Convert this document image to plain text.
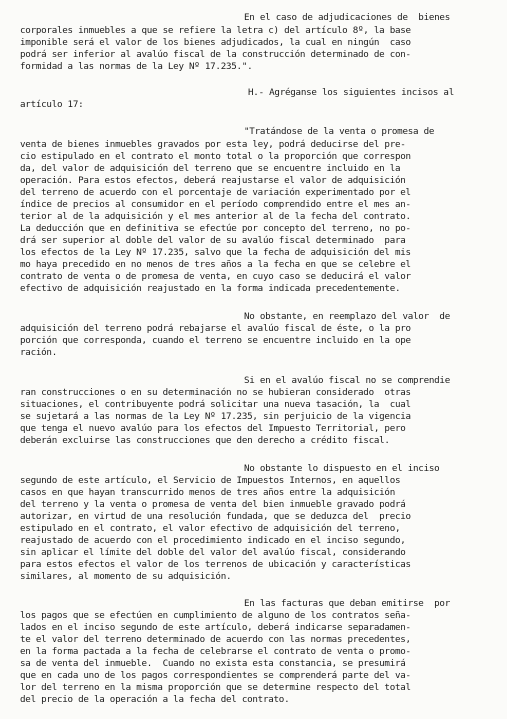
En el caso de adjudicaciones de  bienes
corporales inmuebles a que se refiere la letra c) del artículo 8º, la base
imponible será el valor de los bienes adjudicados, la cual en ningún  caso
podrá ser inferior al avalúo fiscal de la construcción determinado de con-
formidad a las normas de la Ley Nº 17.235.".
H.- Agréganse los siguientes incisos al
artículo 17:
"Tratándose de la venta o promesa de
venta de bienes inmuebles gravados por esta ley, podrá deducirse del pre-
cio estipulado en el contrato el monto total o la proporción que correspon
da, del valor de adquisición del terreno que se encuentre incluido en la
operación. Para estos efectos, deberá reajustarse el valor de adquisición
del terreno de acuerdo con el porcentaje de variación experimentado por el
índice de precios al consumidor en el período comprendido entre el mes an-
terior al de la adquisición y el mes anterior al de la fecha del contrato.
La deducción que en definitiva se efectúe por concepto del terreno, no po-
drá ser superior al doble del valor de su avalúo fiscal determinado  para
los efectos de la Ley Nº 17.235, salvo que la fecha de adquisición del mis
mo haya precedido en no menos de tres años a la fecha en que se celebre el
contrato de venta o de promesa de venta, en cuyo caso se deducirá el valor
efectivo de adquisición reajustado en la forma indicada precedentemente.
No obstante, en reemplazo del valor  de
adquisición del terreno podrá rebajarse el avalúo fiscal de éste, o la pro
porción que corresponda, cuando el terreno se encuentre incluido en la ope
ración.
Si en el avalúo fiscal no se comprendie
ran construcciones o en su determinación no se hubieran considerado  otras
situaciones, el contribuyente podrá solicitar una nueva tasación, la  cual
se sujetará a las normas de la Ley Nº 17.235, sin perjuicio de la vigencia
que tenga el nuevo avalúo para los efectos del Impuesto Territorial, pero
deberán excluirse las construcciones que den derecho a crédito fiscal.
No obstante lo dispuesto en el inciso
segundo de este artículo, el Servicio de Impuestos Internos, en aquellos
casos en que hayan transcurrido menos de tres años entre la adquisición
del terreno y la venta o promesa de venta del bien inmueble gravado podrá
autorizar, en virtud de una resolución fundada, que se deduzca del  precio
estipulado en el contrato, el valor efectivo de adquisición del terreno,
reajustado de acuerdo con el procedimiento indicado en el inciso segundo,
sin aplicar el límite del doble del valor del avalúo fiscal, considerando
para estos efectos el valor de los terrenos de ubicación y características
similares, al momento de su adquisición.
En las facturas que deban emitirse  por
los pagos que se efectúen en cumplimiento de alguno de los contratos seña-
lados en el inciso segundo de este artículo, deberá indicarse separadamen-
te el valor del terreno determinado de acuerdo con las normas precedentes,
en la forma pactada a la fecha de celebrarse el contrato de venta o promo-
sa de venta del inmueble.  Cuando no exista esta constancia, se presumirá
que en cada uno de los pagos correspondientes se comprenderá parte del va-
lor del terreno en la misma proporción que se determine respecto del total
del precio de la operación a la fecha del contrato.
